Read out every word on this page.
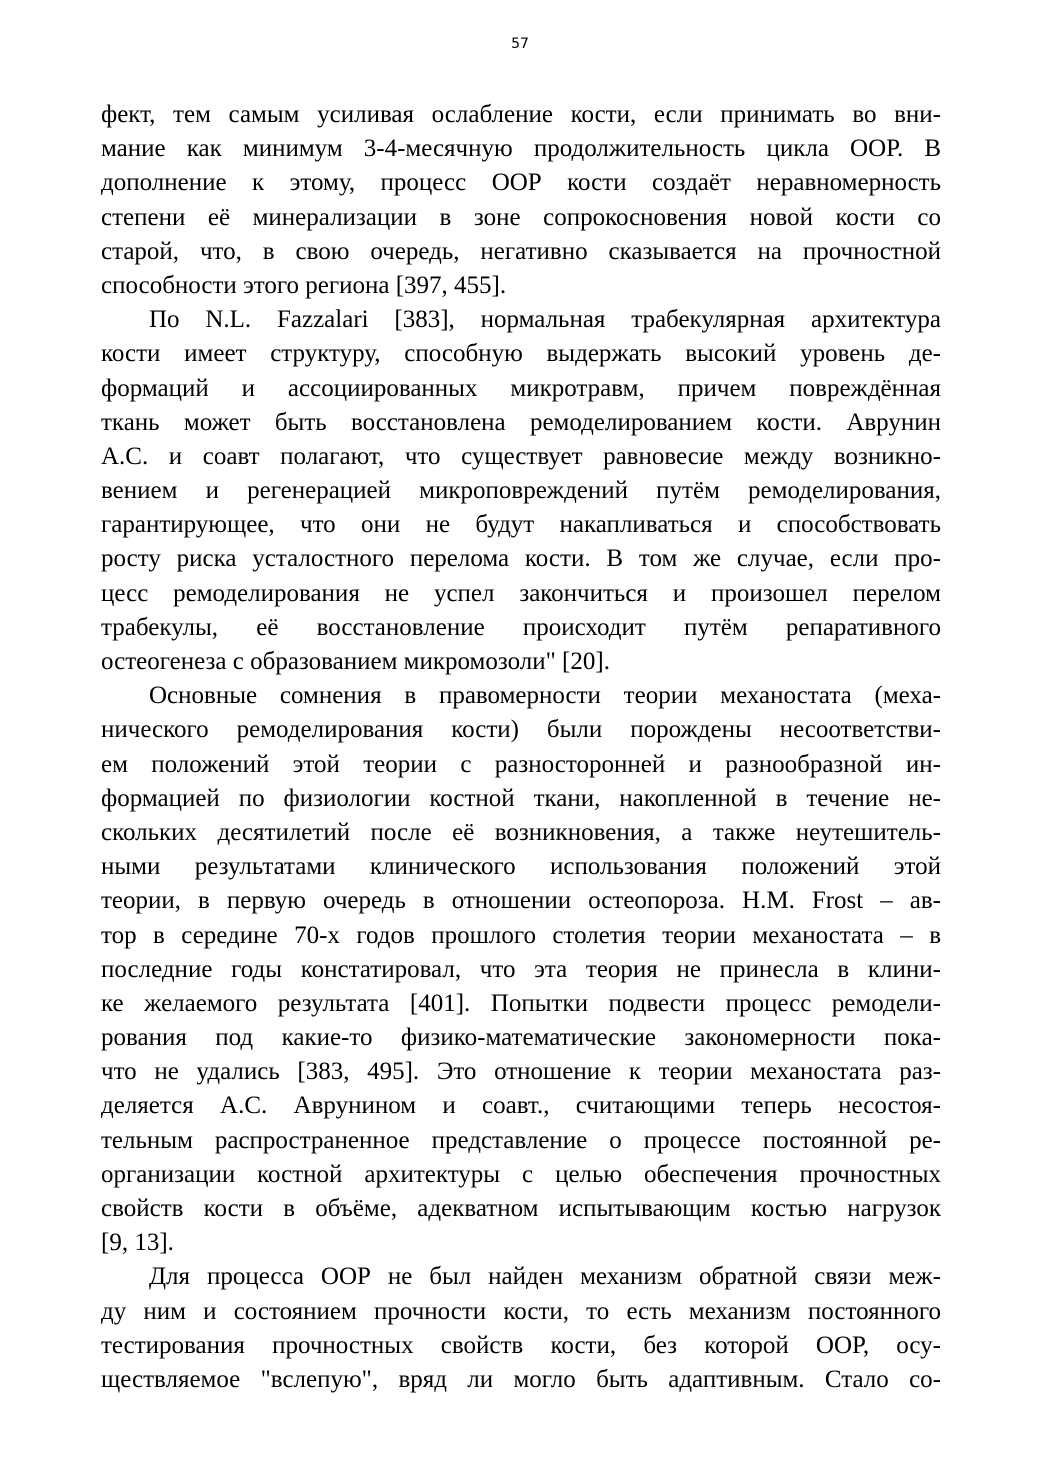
57
фект, тем самым усиливая ослабление кости, если принимать во вни-
мание как минимум 3-4-месячную продолжительность цикла ООР. В
дополнение к этому, процесс ООР кости создаёт неравномерность
степени её минерализации в зоне сопрокосновения новой кости со
старой, что, в свою очередь, негативно сказывается на прочностной
способности этого региона [397, 455].
По N.L. Fazzalari [383], нормальная трабекулярная архитектура
кости имеет структуру, способную выдержать высокий уровень де-
формаций и ассоциированных микротравм, причем повреждённая
ткань может быть восстановлена ремоделированием кости. Аврунин
А.С. и соавт полагают, что существует равновесие между возникно-
вением и регенерацией микроповреждений путём ремоделирования,
гарантирующее, что они не будут накапливаться и способствовать
росту риска усталостного перелома кости. В том же случае, если про-
цесс ремоделирования не успел закончиться и произошел перелом
трабекулы, её восстановление происходит путём репаративного
остеогенеза с образованием микромозоли" [20].
Основные сомнения в правомерности теории механостата (меха-
нического ремоделирования кости) были порождены несоответстви-
ем положений этой теории с разносторонней и разнообразной ин-
формацией по физиологии костной ткани, накопленной в течение не-
скольких десятилетий после её возникновения, а также неутешитель-
ными результатами клинического использования положений этой
теории, в первую очередь в отношении остеопороза. H.M. Frost – ав-
тор в середине 70-х годов прошлого столетия теории механостата – в
последние годы констатировал, что эта теория не принесла в клини-
ке желаемого результата [401]. Попытки подвести процесс ремодели-
рования под какие-то физико-математические закономерности пока-
что не удались [383, 495]. Это отношение к теории механостата раз-
деляется А.С. Аврунином и соавт., считающими теперь несостоя-
тельным распространенное представление о процессе постоянной ре-
организации костной архитектуры с целью обеспечения прочностных
свойств кости в объёме, адекватном испытывающим костью нагрузок
[9, 13].
Для процесса ООР не был найден механизм обратной связи меж-
ду ним и состоянием прочности кости, то есть механизм постоянного
тестирования прочностных свойств кости, без которой ООР, осу-
ществляемое "вслепую", вряд ли могло быть адаптивным. Стало со-
